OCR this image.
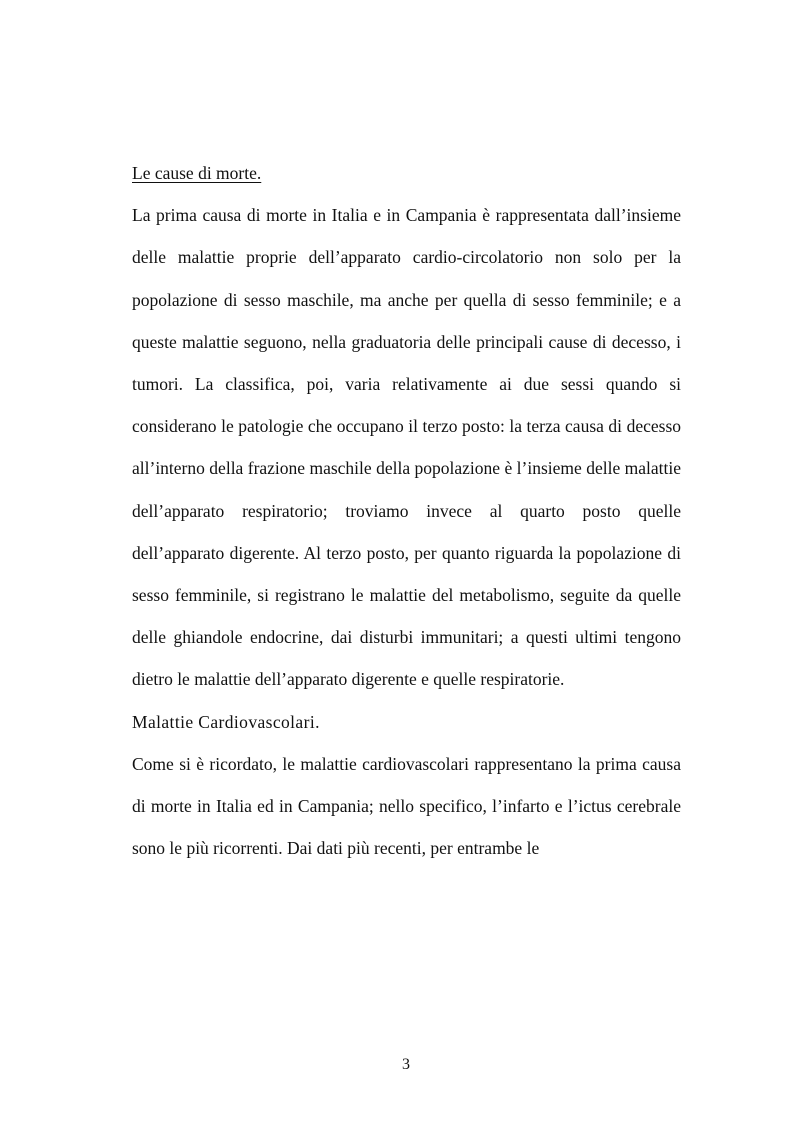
Le cause di morte.

La prima causa di morte in Italia e in Campania è rappresentata dall’insieme delle malattie proprie dell’apparato cardio-circolatorio non solo per la popolazione di sesso maschile, ma anche per quella di sesso femminile; e a queste malattie seguono, nella graduatoria delle principali cause di decesso, i tumori. La classifica, poi, varia relativamente ai due sessi quando si considerano le patologie che occupano il terzo posto: la terza causa di decesso all’interno della frazione maschile della popolazione è l’insieme delle malattie dell’apparato respiratorio; troviamo invece al quarto posto quelle dell’apparato digerente. Al terzo posto, per quanto riguarda la popolazione di sesso femminile, si registrano le malattie del metabolismo, seguite da quelle delle ghiandole endocrine, dai disturbi immunitari; a questi ultimi tengono dietro le malattie dell’apparato digerente e quelle respiratorie.

Malattie Cardiovascolari.

Come si è ricordato, le malattie cardiovascolari rappresentano la prima causa di morte in Italia ed in Campania; nello specifico, l’infarto e l’ictus cerebrale sono le più ricorrenti. Dai dati più recenti, per entrambe le

3
